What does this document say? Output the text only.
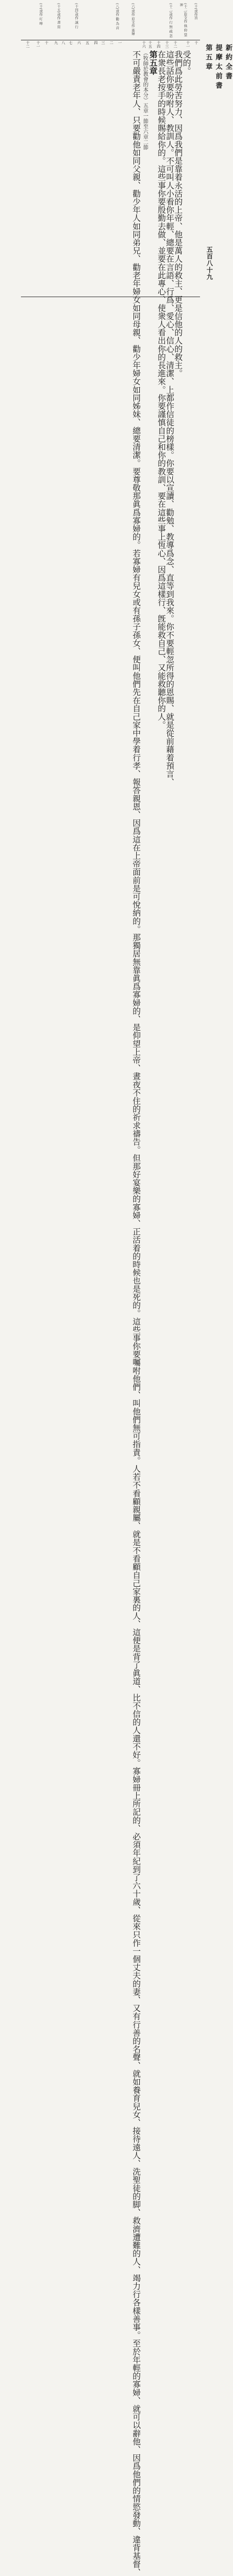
(十)或作旨
(十二)原文作 他 仰 望 神
(十二)或作 行 無 疏 忽
(六)或作 原文作 寡婦
(八)或作 勸 為 首
(十四)或作 誠 行
(十五)或作 書 寫
(十)或作 叮 嚀
十
十一
十二
十三
十四
十五
十六
一
二
三
四
五
六
七
八
九
十
十一
十二
受的。
我們爲此勞苦努力、因爲我們是靠着永活的上帝、他是萬人的救主、更是信他的人的救主。
這些話你要吩咐人、教訓人。不可叫人小看你年輕、總要在言語、行爲、愛心、信心、清潔、上都作信徒的榜樣。你要以宣讀、勸勉、教導爲念、直等到我來。你不要輕忽所得的恩賜、就是從前藉着預言、
在衆長老按手的時候賜給你的。這些事你要殷勤去做、並要在此專心、使衆人看出你的長進來。你要謹慎自己和你的教訓、要在這些事上恆心、因爲這樣行、旣能救自己、又能救聽你的人。
第五章
（牧師於教會的本分）五章一節至六章二節
不可嚴責老年人、只要勸他如同父親、勸少年人如同弟兄、勸老年婦女如同母親、勸少年婦女如同姊妹、總要清潔。要尊敬那眞爲寡婦的。若寡婦有兒女或有孫子孫女、便叫他們先在自己家中學着行孝、報答親恩、因爲這在上帝面前是可悅納的。那獨居無靠眞爲寡婦的、是仰望上帝、晝夜不住的祈求禱告。但那好宴樂的寡婦、正活着的時候也是死的。這些事你要囑咐他們、叫他們無可指責。人若不看顧親屬、就是不看顧自己家裏的人、這便是背了眞道、比不信的人還不好。寡婦冊上所記的、必須年紀到了六十歲、從來只作一個丈夫的妻、又有行善的名聲、就如養育兒女、接待遠人、洗聖徒的脚、救濟遭難的人、竭力行各樣善事。至於年輕的寡婦、就可以辭他、因爲他們的情慾發動、違背基督、	新約全書
提摩太前書
第五章
五百八十九
